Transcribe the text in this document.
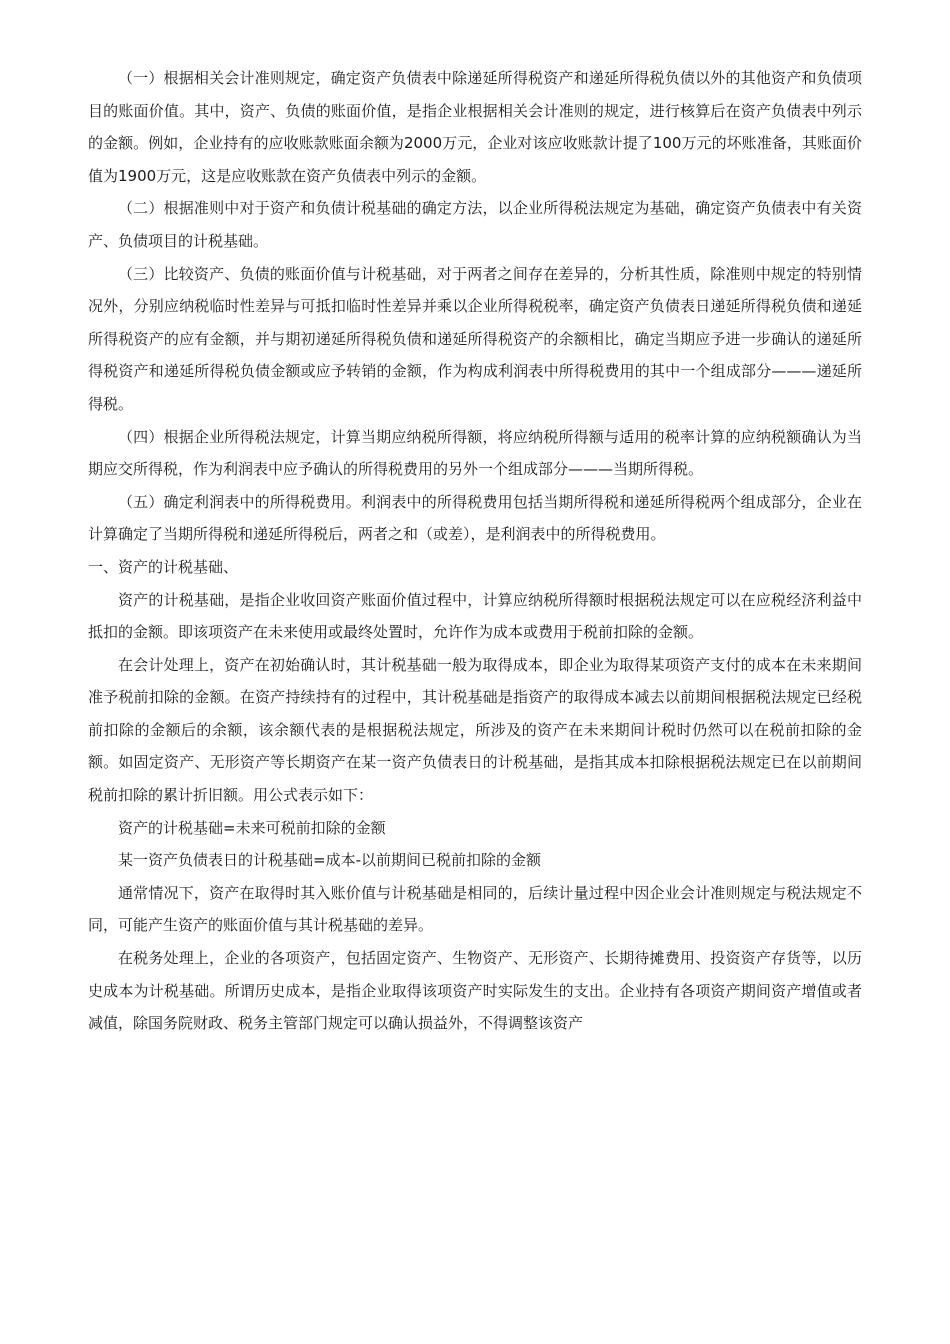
（一）根据相关会计准则规定，确定资产负债表中除递延所得税资产和递延所得税负债以外的其他资产和负债项目的账面价值。其中，资产、负债的账面价值，是指企业根据相关会计准则的规定，进行核算后在资产负债表中列示的金额。例如，企业持有的应收账款账面余额为2000万元，企业对该应收账款计提了100万元的坏账准备，其账面价值为1900万元，这是应收账款在资产负债表中列示的金额。

（二）根据准则中对于资产和负债计税基础的确定方法，以企业所得税法规定为基础，确定资产负债表中有关资产、负债项目的计税基础。

（三）比较资产、负债的账面价值与计税基础，对于两者之间存在差异的，分析其性质，除准则中规定的特别情况外，分别应纳税临时性差异与可抵扣临时性差异并乘以企业所得税税率，确定资产负债表日递延所得税负债和递延所得税资产的应有金额，并与期初递延所得税负债和递延所得税资产的余额相比，确定当期应予进一步确认的递延所得税资产和递延所得税负债金额或应予转销的金额，作为构成利润表中所得税费用的其中一个组成部分———递延所得税。

（四）根据企业所得税法规定，计算当期应纳税所得额，将应纳税所得额与适用的税率计算的应纳税额确认为当期应交所得税，作为利润表中应予确认的所得税费用的另外一个组成部分———当期所得税。

（五）确定利润表中的所得税费用。利润表中的所得税费用包括当期所得税和递延所得税两个组成部分，企业在计算确定了当期所得税和递延所得税后，两者之和（或差），是利润表中的所得税费用。

一、资产的计税基础、

资产的计税基础，是指企业收回资产账面价值过程中，计算应纳税所得额时根据税法规定可以在应税经济利益中抵扣的金额。即该项资产在未来使用或最终处置时，允许作为成本或费用于税前扣除的金额。

在会计处理上，资产在初始确认时，其计税基础一般为取得成本，即企业为取得某项资产支付的成本在未来期间准予税前扣除的金额。在资产持续持有的过程中，其计税基础是指资产的取得成本减去以前期间根据税法规定已经税前扣除的金额后的余额，该余额代表的是根据税法规定，所涉及的资产在未来期间计税时仍然可以在税前扣除的金额。如固定资产、无形资产等长期资产在某一资产负债表日的计税基础，是指其成本扣除根据税法规定已在以前期间税前扣除的累计折旧额。用公式表示如下：

资产的计税基础=未来可税前扣除的金额

某一资产负债表日的计税基础=成本-以前期间已税前扣除的金额

通常情况下，资产在取得时其入账价值与计税基础是相同的，后续计量过程中因企业会计准则规定与税法规定不同，可能产生资产的账面价值与其计税基础的差异。

在税务处理上，企业的各项资产，包括固定资产、生物资产、无形资产、长期待摊费用、投资资产存货等，以历史成本为计税基础。所谓历史成本，是指企业取得该项资产时实际发生的支出。企业持有各项资产期间资产增值或者减值，除国务院财政、税务主管部门规定可以确认损益外，不得调整该资产
